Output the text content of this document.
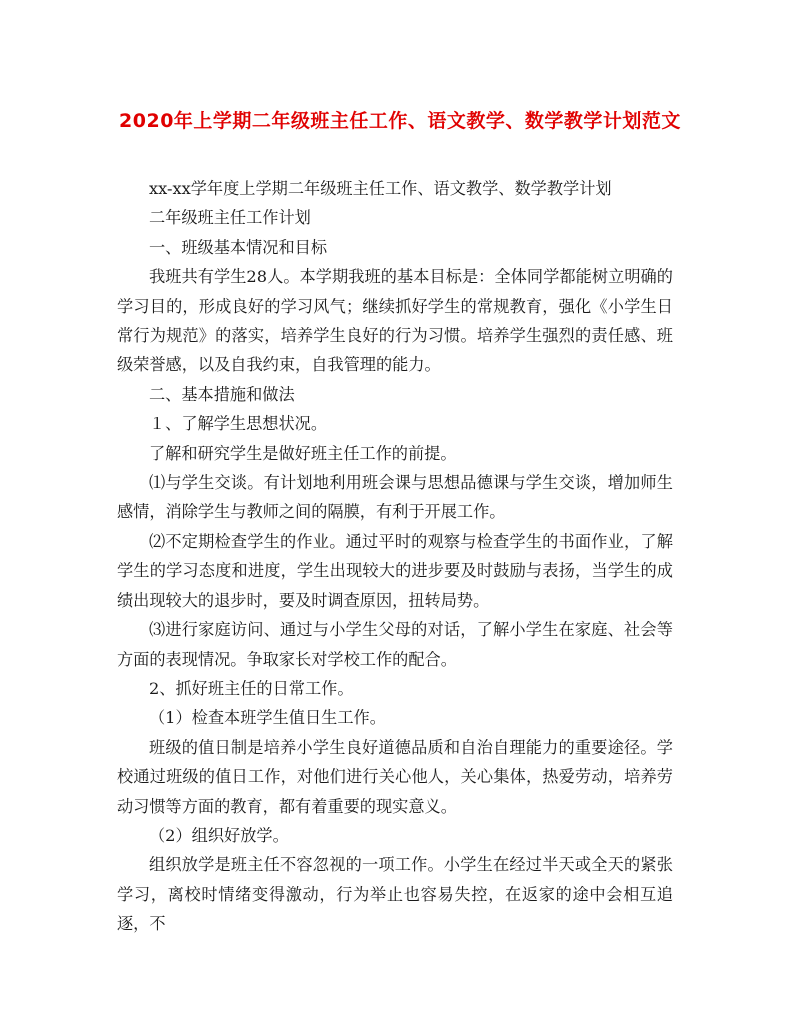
2020年上学期二年级班主任工作、语文教学、数学教学计划范文

xx-xx学年度上学期二年级班主任工作、语文教学、数学教学计划

二年级班主任工作计划

一、班级基本情况和目标

我班共有学生28人。本学期我班的基本目标是：全体同学都能树立明确的学习目的，形成良好的学习风气；继续抓好学生的常规教育，强化《小学生日常行为规范》的落实，培养学生良好的行为习惯。培养学生强烈的责任感、班级荣誉感，以及自我约束，自我管理的能力。

二、基本措施和做法

１、了解学生思想状况。

了解和研究学生是做好班主任工作的前提。

⑴与学生交谈。有计划地利用班会课与思想品德课与学生交谈，增加师生感情，消除学生与教师之间的隔膜，有利于开展工作。

⑵不定期检查学生的作业。通过平时的观察与检查学生的书面作业，了解学生的学习态度和进度，学生出现较大的进步要及时鼓励与表扬，当学生的成绩出现较大的退步时，要及时调查原因，扭转局势。

⑶进行家庭访问、通过与小学生父母的对话，了解小学生在家庭、社会等方面的表现情况。争取家长对学校工作的配合。

2、抓好班主任的日常工作。

（1）检查本班学生值日生工作。

班级的值日制是培养小学生良好道德品质和自治自理能力的重要途径。学校通过班级的值日工作，对他们进行关心他人，关心集体，热爱劳动，培养劳动习惯等方面的教育，都有着重要的现实意义。

（2）组织好放学。

组织放学是班主任不容忽视的一项工作。小学生在经过半天或全天的紧张学习，离校时情绪变得激动，行为举止也容易失控，在返家的途中会相互追逐，不
